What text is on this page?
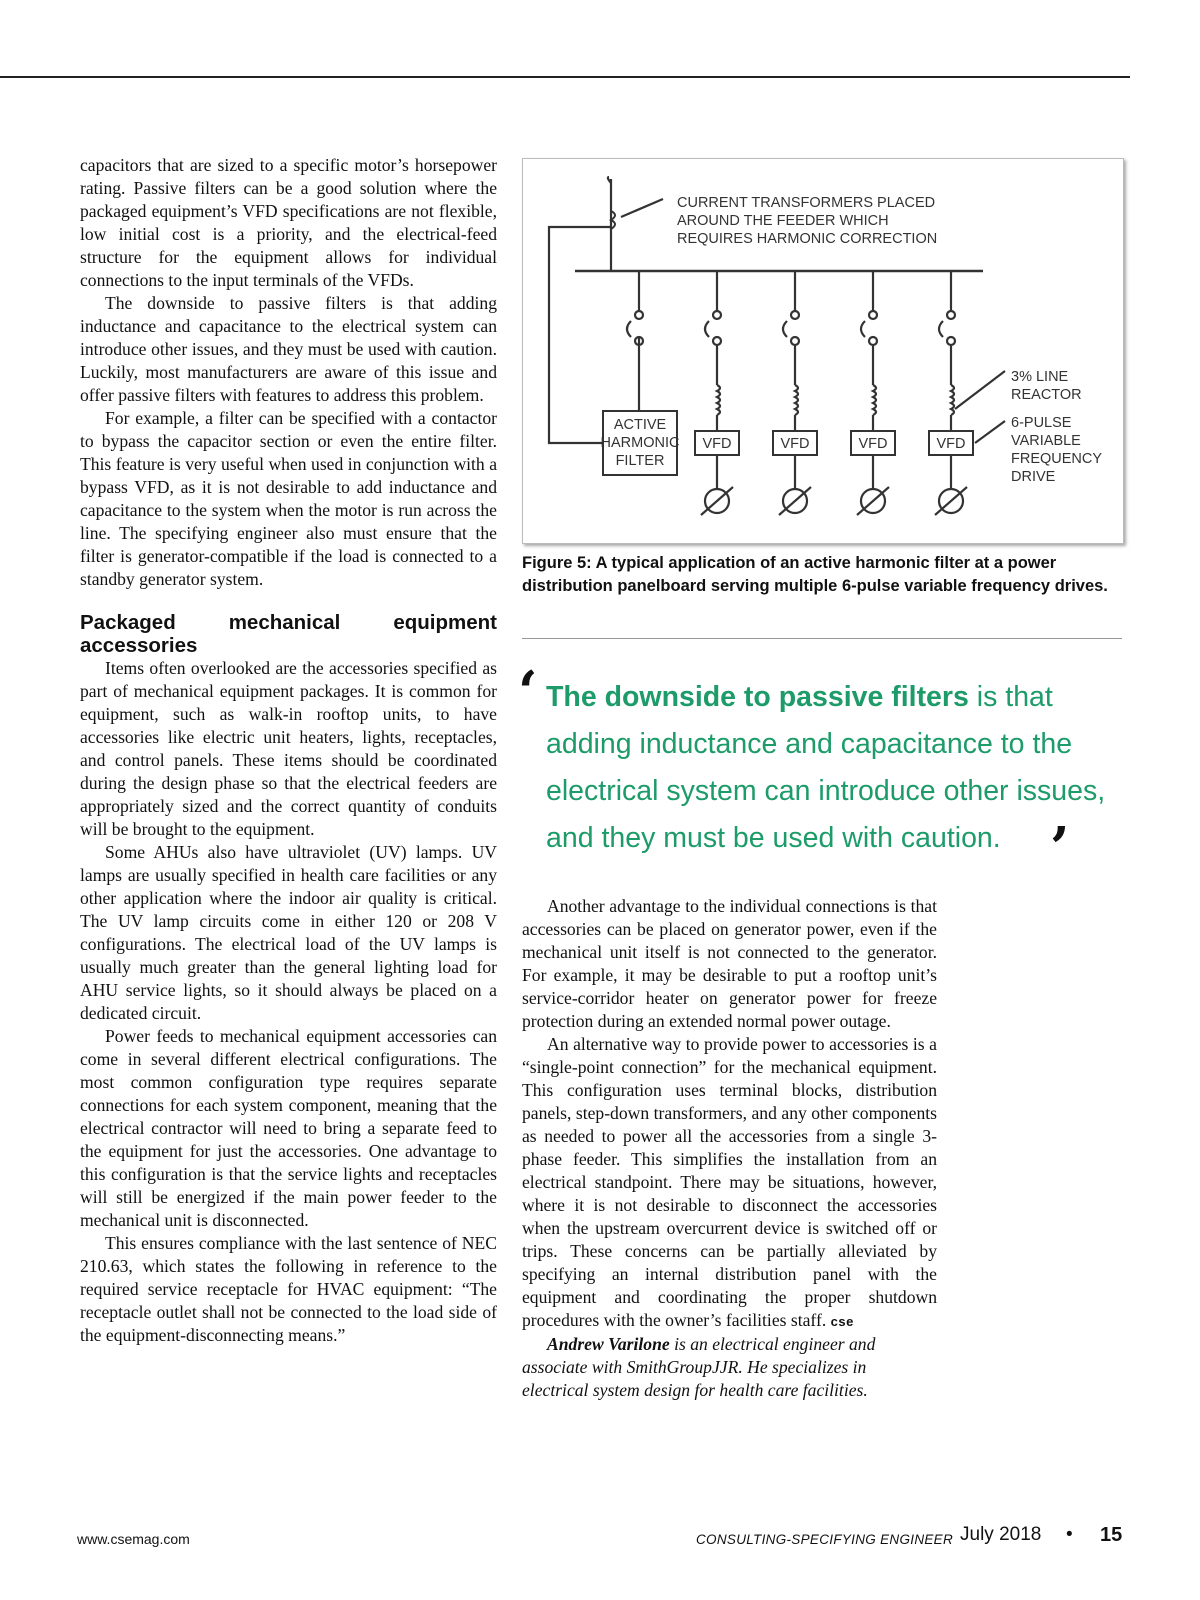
capacitors that are sized to a specific motor’s horsepower rating. Passive filters can be a good solution where the packaged equipment’s VFD specifications are not flexible, low initial cost is a priority, and the electrical-feed structure for the equipment allows for individual connections to the input terminals of the VFDs.

The downside to passive filters is that adding inductance and capacitance to the electrical system can introduce other issues, and they must be used with caution. Luckily, most manufacturers are aware of this issue and offer passive filters with features to address this problem.

For example, a filter can be specified with a contactor to bypass the capacitor section or even the entire filter. This feature is very useful when used in conjunction with a bypass VFD, as it is not desirable to add inductance and capacitance to the system when the motor is run across the line. The specifying engineer also must ensure that the filter is generator-compatible if the load is connected to a standby generator system.

Packaged mechanical equipment accessories

Items often overlooked are the accessories specified as part of mechanical equipment packages. It is common for equipment, such as walk-in rooftop units, to have accessories like electric unit heaters, lights, receptacles, and control panels. These items should be coordinated during the design phase so that the electrical feeders are appropriately sized and the correct quantity of conduits will be brought to the equipment.

Some AHUs also have ultraviolet (UV) lamps. UV lamps are usually specified in health care facilities or any other application where the indoor air quality is critical. The UV lamp circuits come in either 120 or 208 V configurations. The electrical load of the UV lamps is usually much greater than the general lighting load for AHU service lights, so it should always be placed on a dedicated circuit.

Power feeds to mechanical equipment accessories can come in several different electrical configurations. The most common configuration type requires separate connections for each system component, meaning that the electrical contractor will need to bring a separate feed to the equipment for just the accessories. One advantage to this configuration is that the service lights and receptacles will still be energized if the main power feeder to the mechanical unit is disconnected.

This ensures compliance with the last sentence of NEC 210.63, which states the following in reference to the required service receptacle for HVAC equipment: “The receptacle outlet shall not be connected to the load side of the equipment-disconnecting means.”

ACTIVE
HARMONIC
FILTER
CURRENT TRANSFORMERS PLACED
AROUND THE FEEDER WHICH
REQUIRES HARMONIC CORRECTION
3% LINE
REACTOR
6-PULSE
VARIABLE
FREQUENCY
DRIVE
VFD	VFD	VFD	VFD
Figure 5: A typical application of an active harmonic filter at a power distribution panelboard serving multiple 6-pulse variable frequency drives.
‘ The downside to passive filters is that adding inductance and capacitance to the electrical system can introduce other issues, and they must be used with caution. ’

Another advantage to the individual connections is that accessories can be placed on generator power, even if the mechanical unit itself is not connected to the generator. For example, it may be desirable to put a rooftop unit’s service-corridor heater on generator power for freeze protection during an extended normal power outage.

An alternative way to provide power to accessories is a “single-point connection” for the mechanical equipment. This configuration uses terminal blocks, distribution panels, step-down transformers, and any other components as needed to power all the accessories from a single 3-phase feeder. This simplifies the installation from an electrical standpoint. There may be situations, however, where it is not desirable to disconnect the accessories when the upstream overcurrent device is switched off or trips. These concerns can be partially alleviated by specifying an internal distribution panel with the equipment and coordinating the proper shutdown procedures with the owner’s facilities staff. cse

Andrew Varilone is an electrical engineer and associate with SmithGroupJJR. He specializes in electrical system design for health care facilities.

www.csemag.com	CONSULTING-SPECIFYING ENGINEER July 2018 • 15
